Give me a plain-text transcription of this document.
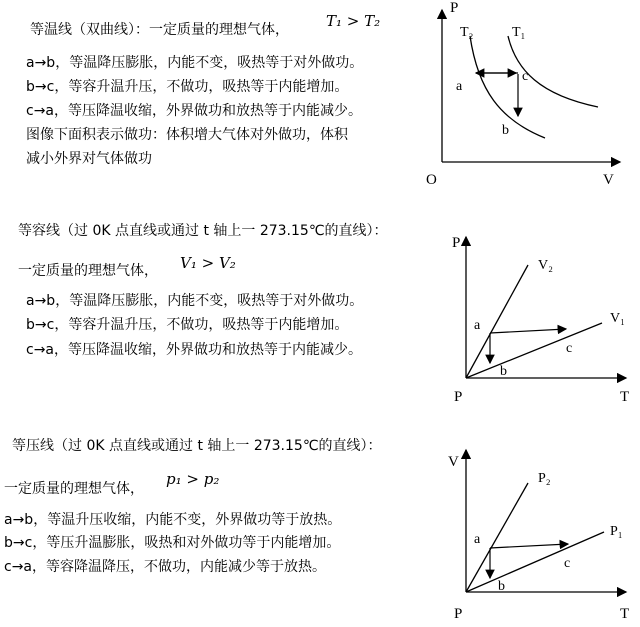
等温线（双曲线）：一定质量的理想气体， T₁ > T₂
a→b，等温降压膨胀，内能不变，吸热等于对外做功。
b→c，等容升温升压，不做功，吸热等于内能增加。
c→a，等压降温收缩，外界做功和放热等于内能减少。
图像下面积表示做功：体积增大气体对外做功，体积
减小外界对气体做功
P
V
O
T₂	T₁
a
b
c
等容线（过 0K 点直线或通过 t 轴上一 273.15℃的直线）：
一定质量的理想气体， V₁ > V₂
a→b，等温降压膨胀，内能不变，吸热等于对外做功。
b→c，等容升温升压，不做功，吸热等于内能增加。
c→a，等压降温收缩，外界做功和放热等于内能减少。
P
T
P
V₂
V₁
a
b
c
等压线（过 0K 点直线或通过 t 轴上一 273.15℃的直线）：
一定质量的理想气体，
p₁ > p₂
a→b，等温升压收缩，内能不变，外界做功等于放热。
b→c，等压升温膨胀，吸热和对外做功等于内能增加。
c→a，等容降温降压，不做功，内能减少等于放热。
V
T
P
P₂
P₁
a
b
c
